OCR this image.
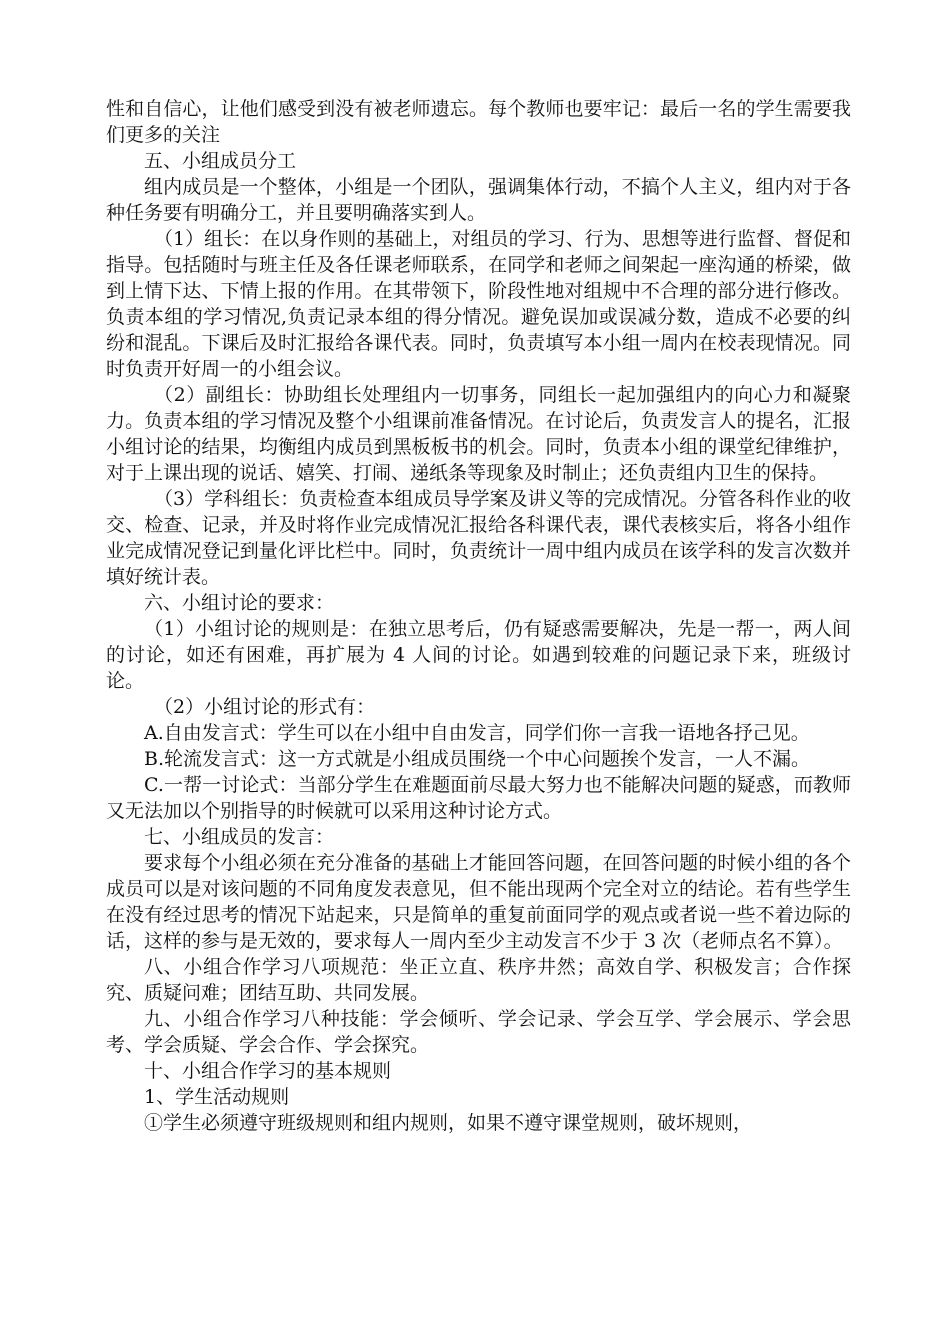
性和自信心，让他们感受到没有被老师遗忘。每个教师也要牢记：最后一名的学生需要我们更多的关注

五、小组成员分工

组内成员是一个整体，小组是一个团队，强调集体行动，不搞个人主义，组内对于各种任务要有明确分工，并且要明确落实到人。

（1）组长：在以身作则的基础上，对组员的学习、行为、思想等进行监督、督促和指导。包括随时与班主任及各任课老师联系，在同学和老师之间架起一座沟通的桥梁，做到上情下达、下情上报的作用。在其带领下，阶段性地对组规中不合理的部分进行修改。负责本组的学习情况,负责记录本组的得分情况。避免误加或误减分数，造成不必要的纠纷和混乱。下课后及时汇报给各课代表。同时，负责填写本小组一周内在校表现情况。同时负责开好周一的小组会议。

（2）副组长：协助组长处理组内一切事务，同组长一起加强组内的向心力和凝聚力。负责本组的学习情况及整个小组课前准备情况。在讨论后，负责发言人的提名，汇报小组讨论的结果，均衡组内成员到黑板板书的机会。同时，负责本小组的课堂纪律维护，对于上课出现的说话、嬉笑、打闹、递纸条等现象及时制止；还负责组内卫生的保持。

（3）学科组长：负责检查本组成员导学案及讲义等的完成情况。分管各科作业的收交、检查、记录，并及时将作业完成情况汇报给各科课代表，课代表核实后，将各小组作业完成情况登记到量化评比栏中。同时，负责统计一周中组内成员在该学科的发言次数并填好统计表。

六、小组讨论的要求：

（1）小组讨论的规则是：在独立思考后，仍有疑惑需要解决，先是一帮一，两人间的讨论，如还有困难，再扩展为 4 人间的讨论。如遇到较难的问题记录下来，班级讨论。

（2）小组讨论的形式有：

A.自由发言式：学生可以在小组中自由发言，同学们你一言我一语地各抒己见。

B.轮流发言式：这一方式就是小组成员围绕一个中心问题挨个发言，一人不漏。

C.一帮一讨论式：当部分学生在难题面前尽最大努力也不能解决问题的疑惑，而教师又无法加以个别指导的时候就可以采用这种讨论方式。

七、小组成员的发言：

要求每个小组必须在充分准备的基础上才能回答问题，在回答问题的时候小组的各个成员可以是对该问题的不同角度发表意见，但不能出现两个完全对立的结论。若有些学生在没有经过思考的情况下站起来，只是简单的重复前面同学的观点或者说一些不着边际的话，这样的参与是无效的，要求每人一周内至少主动发言不少于 3 次（老师点名不算）。

八、小组合作学习八项规范：坐正立直、秩序井然；高效自学、积极发言；合作探究、质疑问难；团结互助、共同发展。

九、小组合作学习八种技能：学会倾听、学会记录、学会互学、学会展示、学会思考、学会质疑、学会合作、学会探究。

十、小组合作学习的基本规则

1、学生活动规则

①学生必须遵守班级规则和组内规则，如果不遵守课堂规则，破坏规则，
